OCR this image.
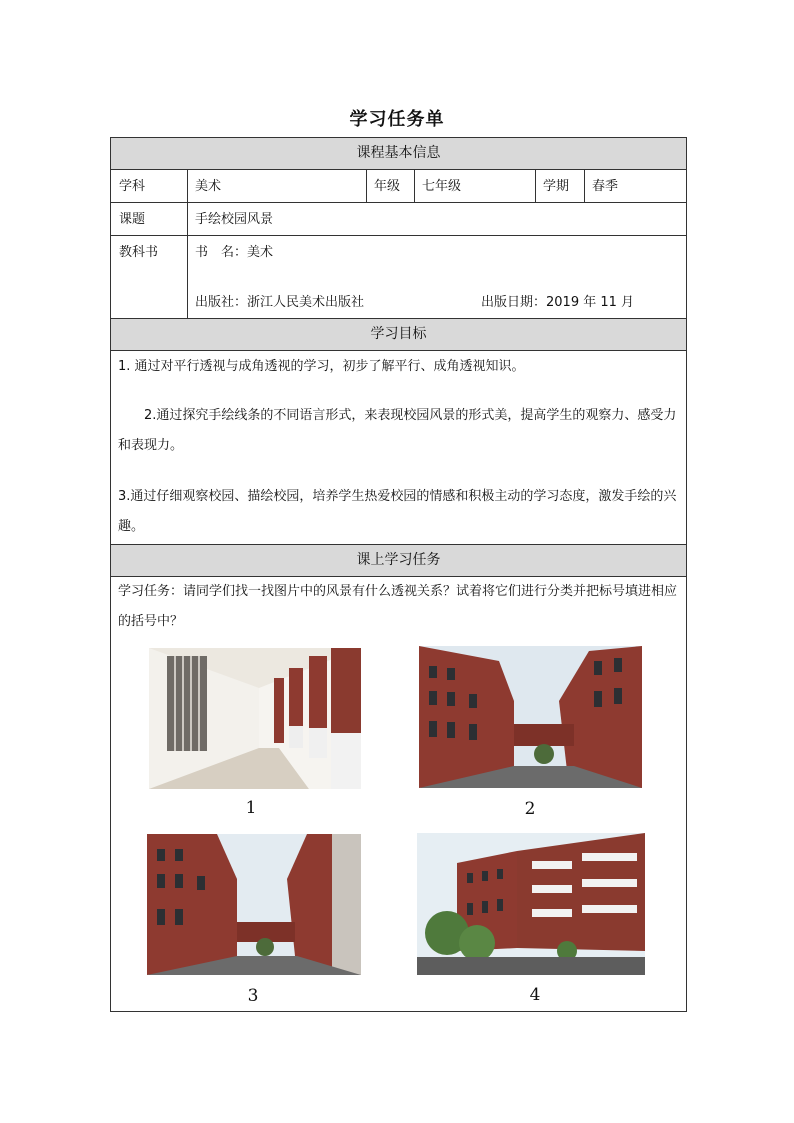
学习任务单
课程基本信息
学科	美术	年级 七年级	学期 春季
课题	手绘校园风景
教科书	书　名：美术
出版社：浙江人民美术出版社	出版日期：2019 年 11 月
学习目标
1. 通过对平行透视与成角透视的学习，初步了解平行、成角透视知识。
2.通过探究手绘线条的不同语言形式，来表现校园风景的形式美，提高学生的观察力、感受力和表现力。
3.通过仔细观察校园、描绘校园，培养学生热爱校园的情感和积极主动的学习态度，激发手绘的兴趣。
课上学习任务
学习任务：请同学们找一找图片中的风景有什么透视关系？试着将它们进行分类并把标号填进相应的括号中？
1	2
3	4
